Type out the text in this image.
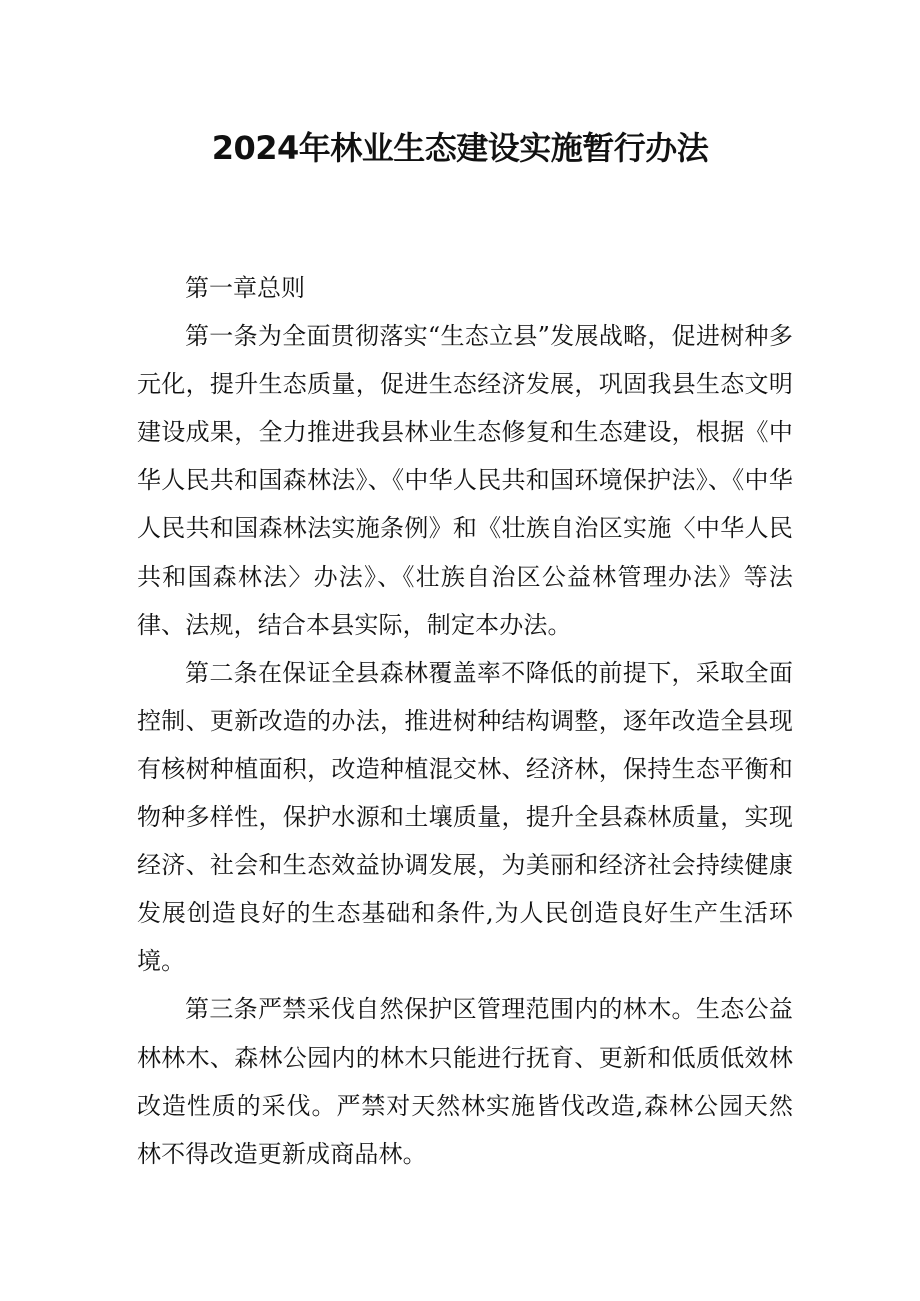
2024年林业生态建设实施暂行办法

第一章总则

第一条为全面贯彻落实“生态立县”发展战略，促进树种多元化，提升生态质量，促进生态经济发展，巩固我县生态文明建设成果，全力推进我县林业生态修复和生态建设，根据《中华人民共和国森林法》、《中华人民共和国环境保护法》、《中华人民共和国森林法实施条例》和《壮族自治区实施〈中华人民共和国森林法〉办法》、《壮族自治区公益林管理办法》等法律、法规，结合本县实际，制定本办法。

第二条在保证全县森林覆盖率不降低的前提下，采取全面控制、更新改造的办法，推进树种结构调整，逐年改造全县现有核树种植面积，改造种植混交林、经济林，保持生态平衡和物种多样性，保护水源和土壤质量，提升全县森林质量，实现经济、社会和生态效益协调发展，为美丽和经济社会持续健康发展创造良好的生态基础和条件,为人民创造良好生产生活环境。

第三条严禁采伐自然保护区管理范围内的林木。生态公益林林木、森林公园内的林木只能进行抚育、更新和低质低效林改造性质的采伐。严禁对天然林实施皆伐改造,森林公园天然林不得改造更新成商品林。
